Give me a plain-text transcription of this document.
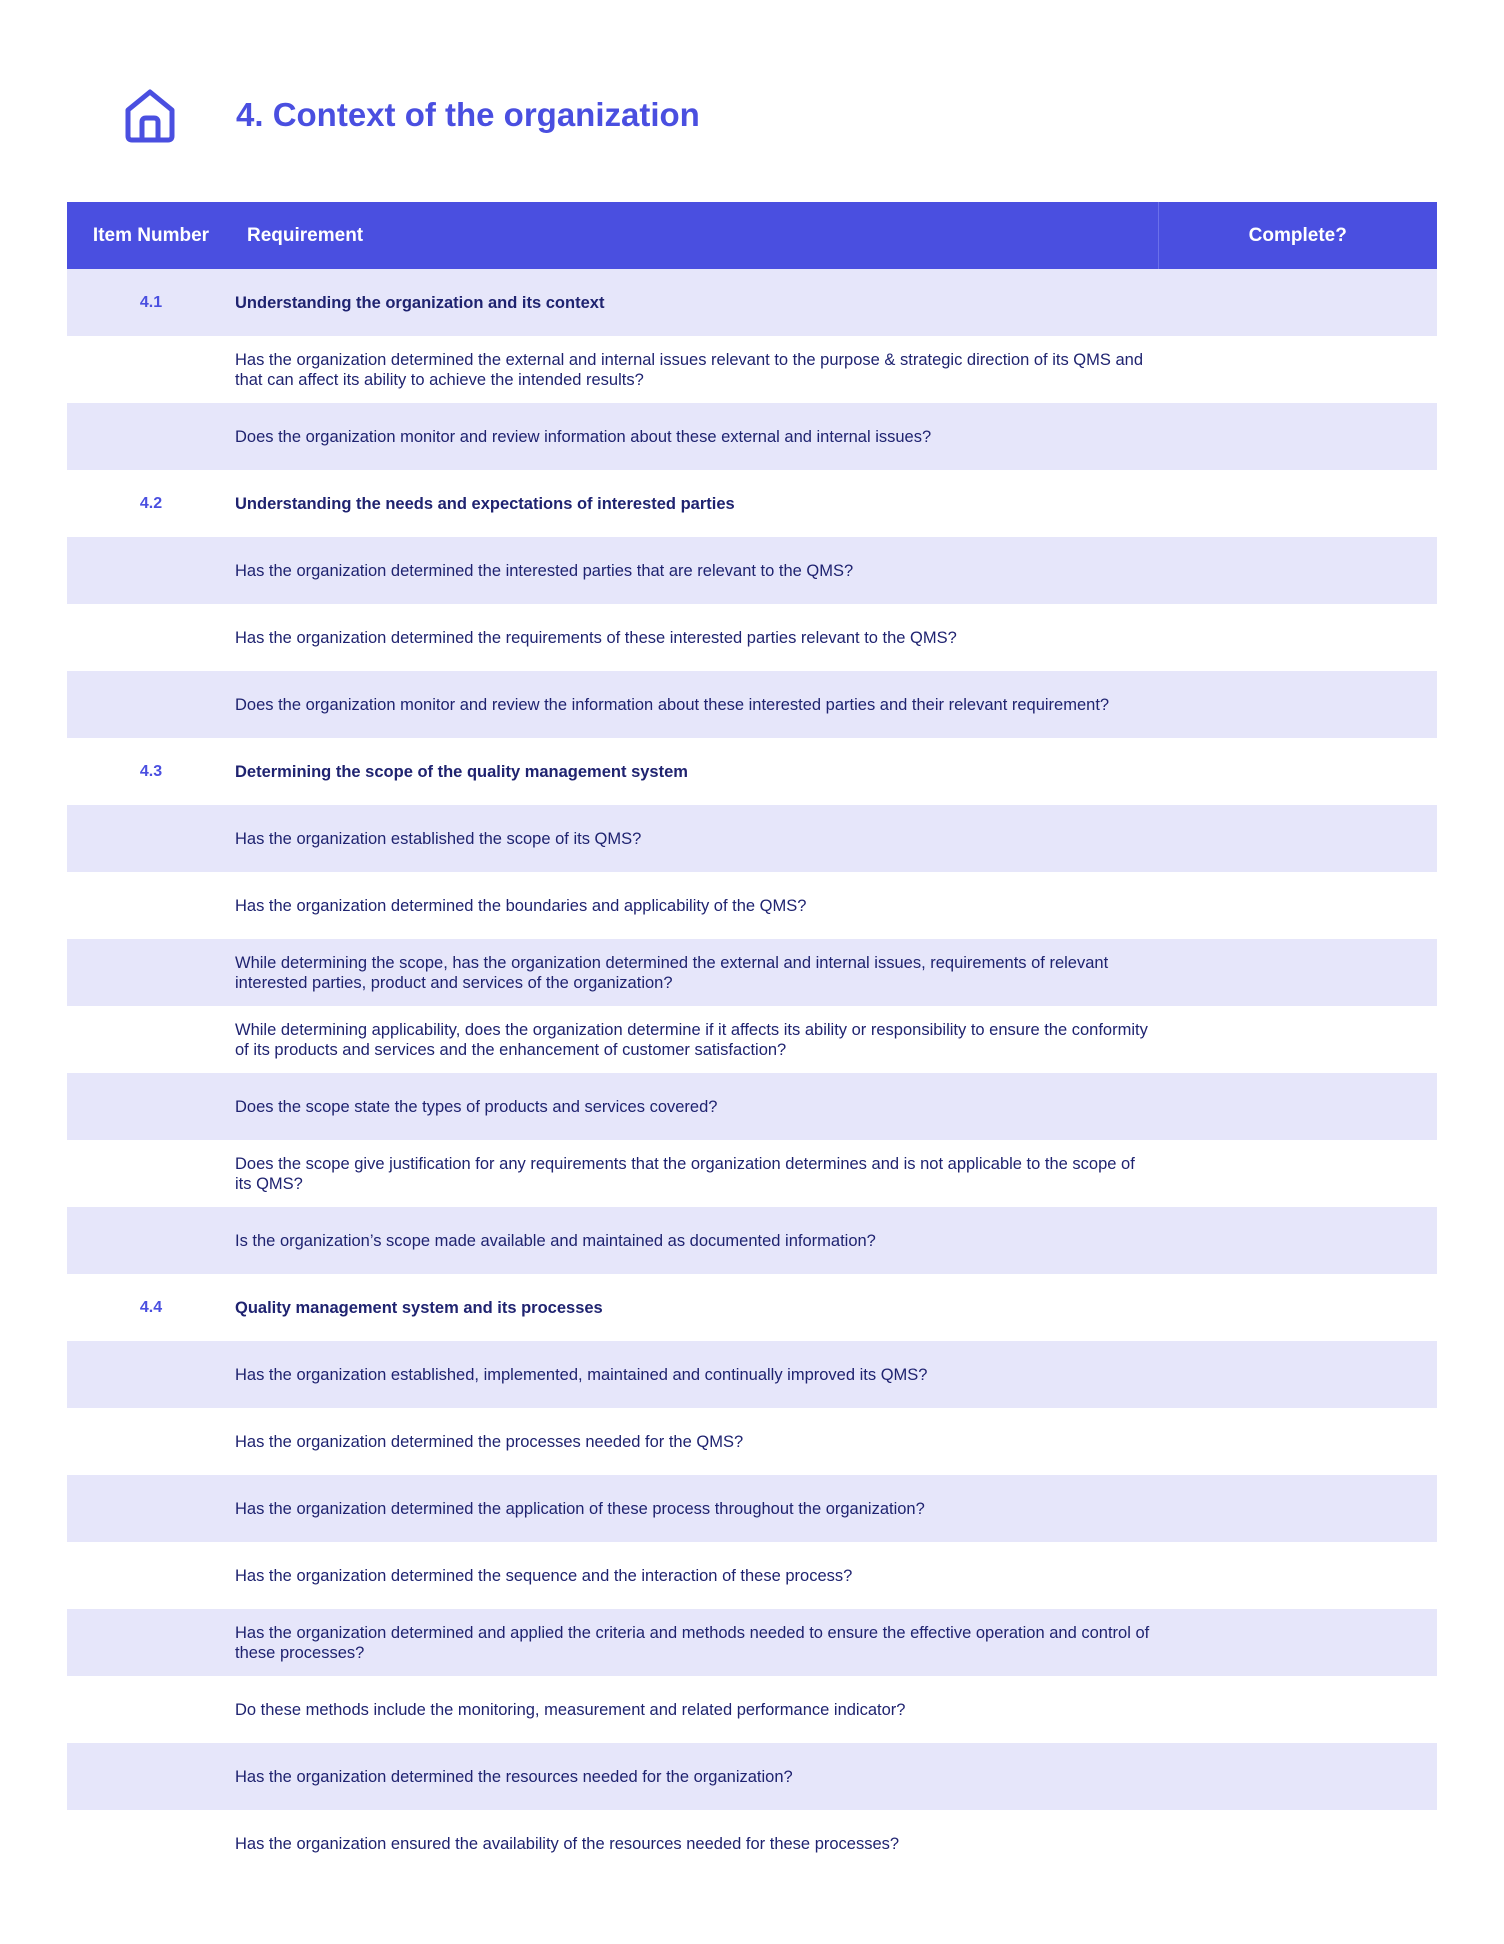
4. Context of the organization
Item Number	Requirement	Complete?
4.1	Understanding the organization and its context	
	Has the organization determined the external and internal issues relevant to the purpose & strategic direction of its QMS and that can affect its ability to achieve the intended results?	
	Does the organization monitor and review information about these external and internal issues?	
4.2	Understanding the needs and expectations of interested parties	
	Has the organization determined the interested parties that are relevant to the QMS?	
	Has the organization determined the requirements of these interested parties relevant to the QMS?	
	Does the organization monitor and review the information about these interested parties and their relevant requirement?	
4.3	Determining the scope of the quality management system	
	Has the organization established the scope of its QMS?	
	Has the organization determined the boundaries and applicability of the QMS?	
	While determining the scope, has the organization determined the external and internal issues, requirements of relevant interested parties, product and services of the organization?	
	While determining applicability, does the organization determine if it affects its ability or responsibility to ensure the conformity of its products and services and the enhancement of customer satisfaction?	
	Does the scope state the types of products and services covered?	
	Does the scope give justification for any requirements that the organization determines and is not applicable to the scope of its QMS?	
	Is the organization’s scope made available and maintained as documented information?	
4.4	Quality management system and its processes	
	Has the organization established, implemented, maintained and continually improved its QMS?	
	Has the organization determined the processes needed for the QMS?	
	Has the organization determined the application of these process throughout the organization?	
	Has the organization determined the sequence and the interaction of these process?	
	Has the organization determined and applied the criteria and methods needed to ensure the effective operation and control of these processes?	
	Do these methods include the monitoring, measurement and related performance indicator?	
	Has the organization determined the resources needed for the organization?	
	Has the organization ensured the availability of the resources needed for these processes?	
